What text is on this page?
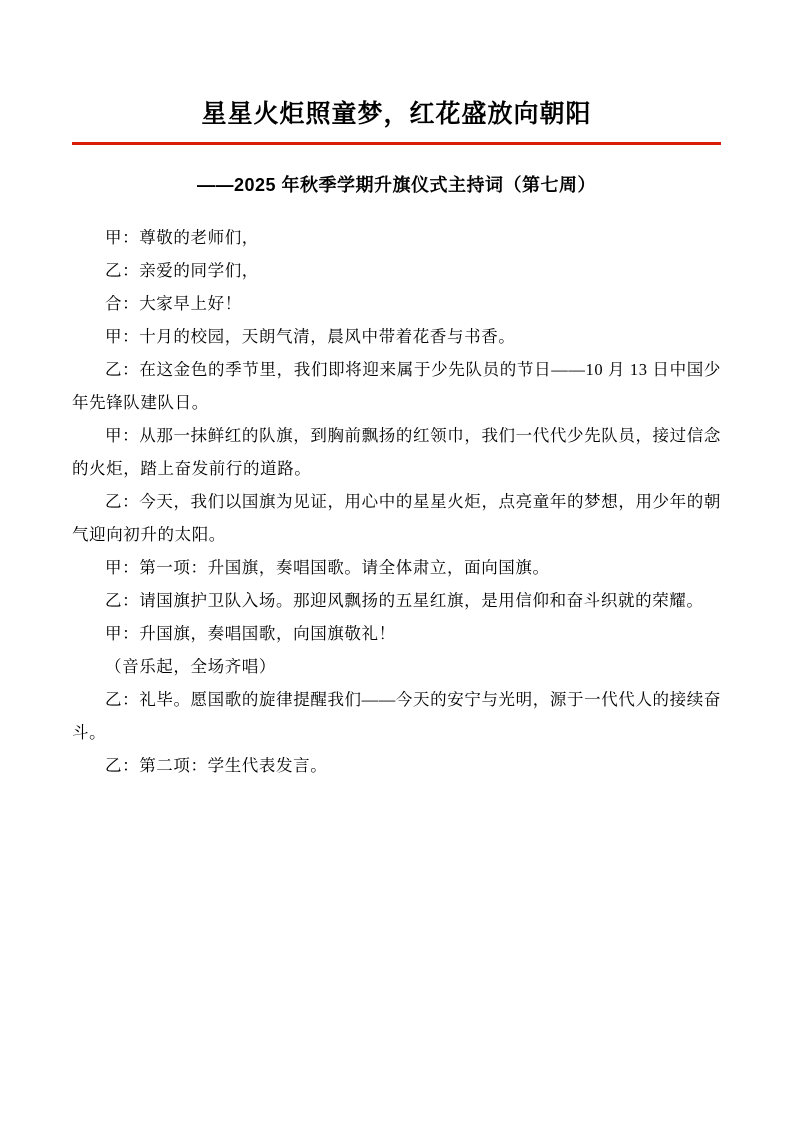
星星火炬照童梦，红花盛放向朝阳
——2025 年秋季学期升旗仪式主持词（第七周）

甲：尊敬的老师们，

乙：亲爱的同学们，

合：大家早上好！

甲：十月的校园，天朗气清，晨风中带着花香与书香。

乙：在这金色的季节里，我们即将迎来属于少先队员的节日——10 月 13 日中国少年先锋队建队日。

甲：从那一抹鲜红的队旗，到胸前飘扬的红领巾，我们一代代少先队员，接过信念的火炬，踏上奋发前行的道路。

乙：今天，我们以国旗为见证，用心中的星星火炬，点亮童年的梦想，用少年的朝气迎向初升的太阳。

甲：第一项：升国旗，奏唱国歌。请全体肃立，面向国旗。

乙：请国旗护卫队入场。那迎风飘扬的五星红旗，是用信仰和奋斗织就的荣耀。

甲：升国旗，奏唱国歌，向国旗敬礼！

（音乐起，全场齐唱）

乙：礼毕。愿国歌的旋律提醒我们——今天的安宁与光明，源于一代代人的接续奋斗。

乙：第二项：学生代表发言。
